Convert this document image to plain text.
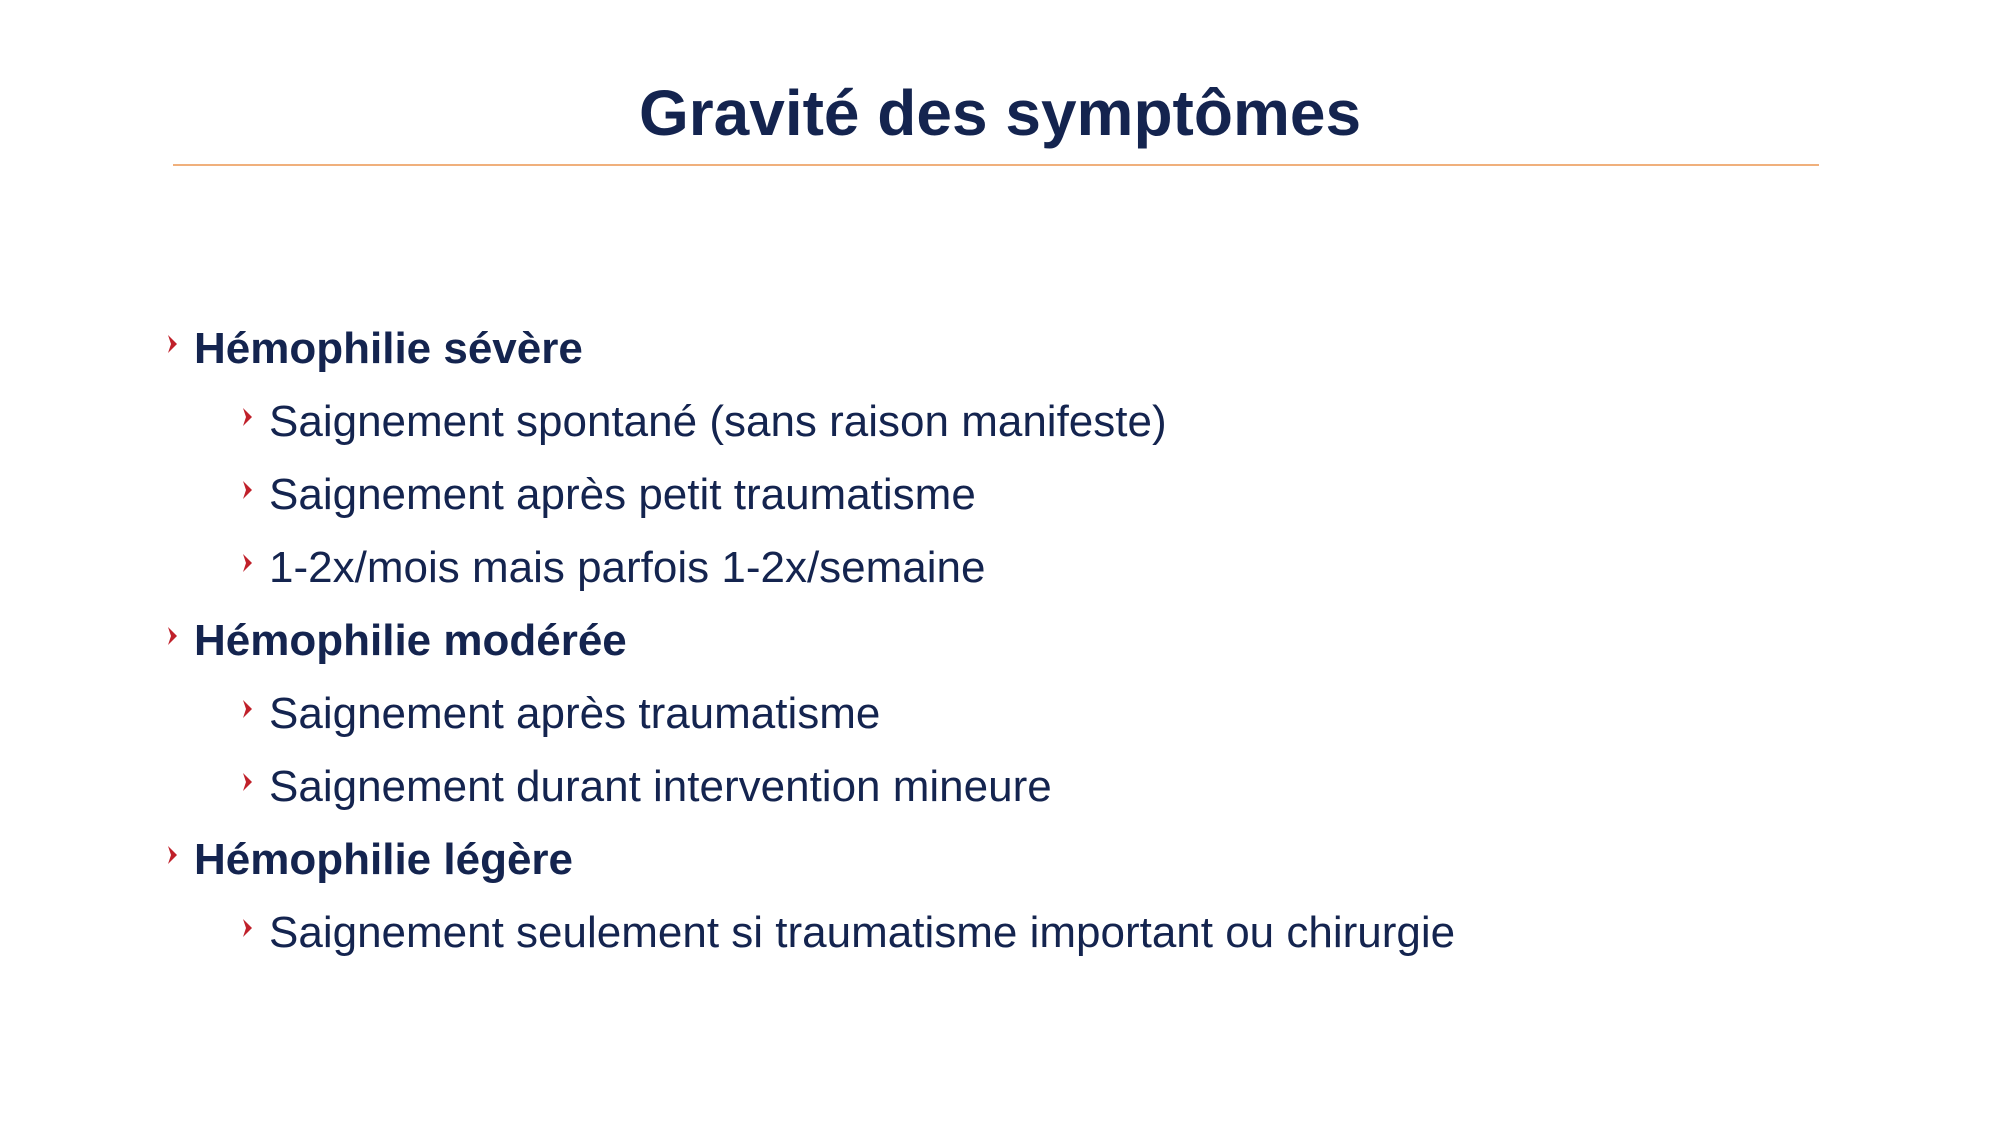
Gravité des symptômes
Hémophilie sévère
Saignement spontané (sans raison manifeste)
Saignement après petit traumatisme
1-2x/mois mais parfois 1-2x/semaine
Hémophilie modérée
Saignement après traumatisme
Saignement durant intervention mineure
Hémophilie légère
Saignement seulement si traumatisme important ou chirurgie
